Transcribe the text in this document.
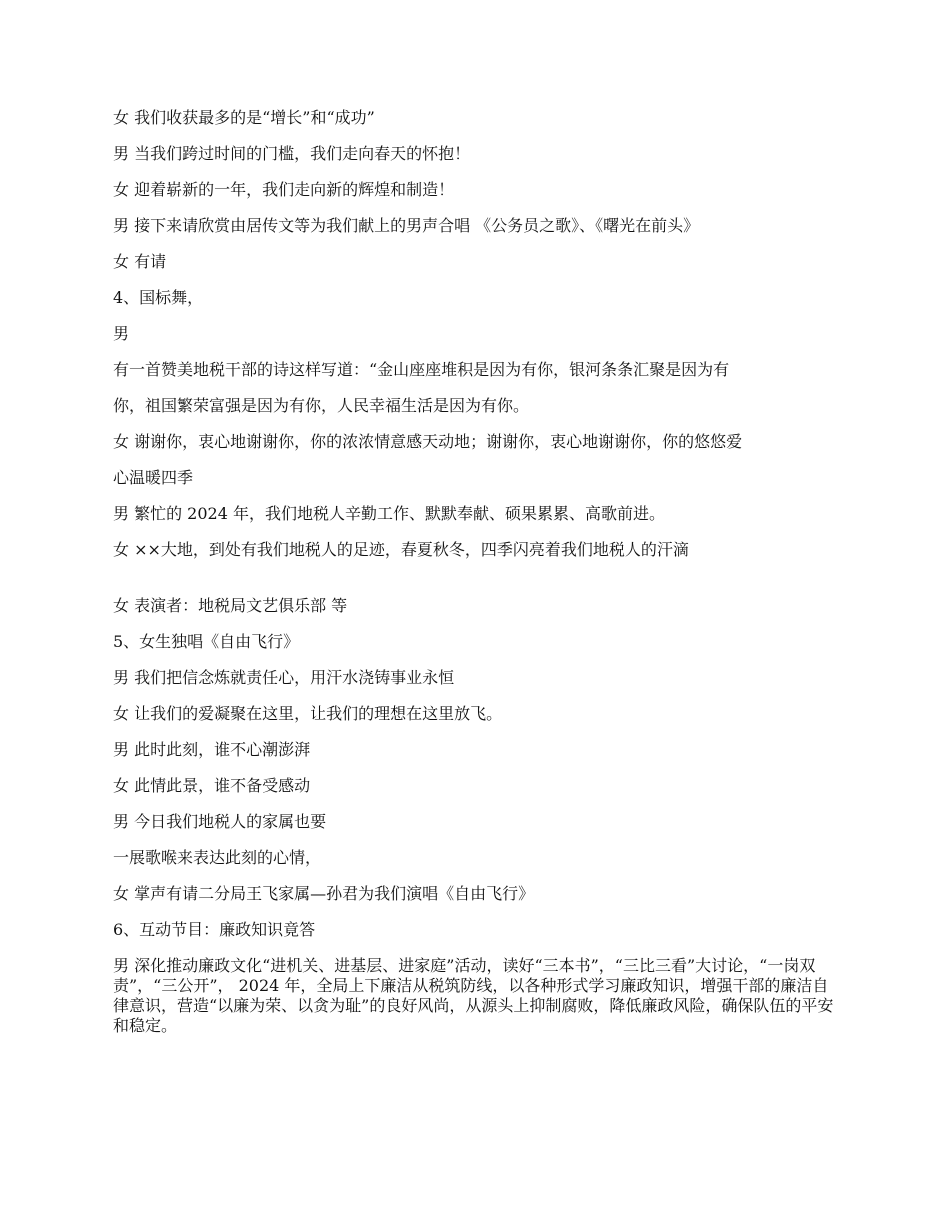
女 我们收获最多的是“增长”和“成功”

男 当我们跨过时间的门槛，我们走向春天的怀抱！

女 迎着崭新的一年，我们走向新的辉煌和制造！

男 接下来请欣赏由居传文等为我们献上的男声合唱 《公务员之歌》、《曙光在前头》

女 有请

4、国标舞，

男

有一首赞美地税干部的诗这样写道：“金山座座堆积是因为有你，银河条条汇聚是因为有

你，祖国繁荣富强是因为有你，人民幸福生活是因为有你。

女 谢谢你，衷心地谢谢你，你的浓浓情意感天动地；谢谢你，衷心地谢谢你，你的悠悠爱

心温暖四季

男 繁忙的 2024 年，我们地税人辛勤工作、默默奉献、硕果累累、高歌前进。

女 ××大地，到处有我们地税人的足迹，春夏秋冬，四季闪亮着我们地税人的汗滴

女 表演者：地税局文艺俱乐部 等

5、女生独唱《自由飞行》

男 我们把信念炼就责任心，用汗水浇铸事业永恒

女 让我们的爱凝聚在这里，让我们的理想在这里放飞。

男 此时此刻，谁不心潮澎湃

女 此情此景，谁不备受感动

男 今日我们地税人的家属也要

一展歌喉来表达此刻的心情，

女 掌声有请二分局王飞家属—孙君为我们演唱《自由飞行》

6、互动节目：廉政知识竟答

男 深化推动廉政文化“进机关、进基层、进家庭”活动，读好“三本书”，“三比三看”大讨论，“一岗双责”，“三公开”， 2024 年，全局上下廉洁从税筑防线，以各种形式学习廉政知识，增强干部的廉洁自律意识，营造“以廉为荣、以贪为耻”的良好风尚，从源头上抑制腐败，降低廉政风险，确保队伍的平安和稳定。
